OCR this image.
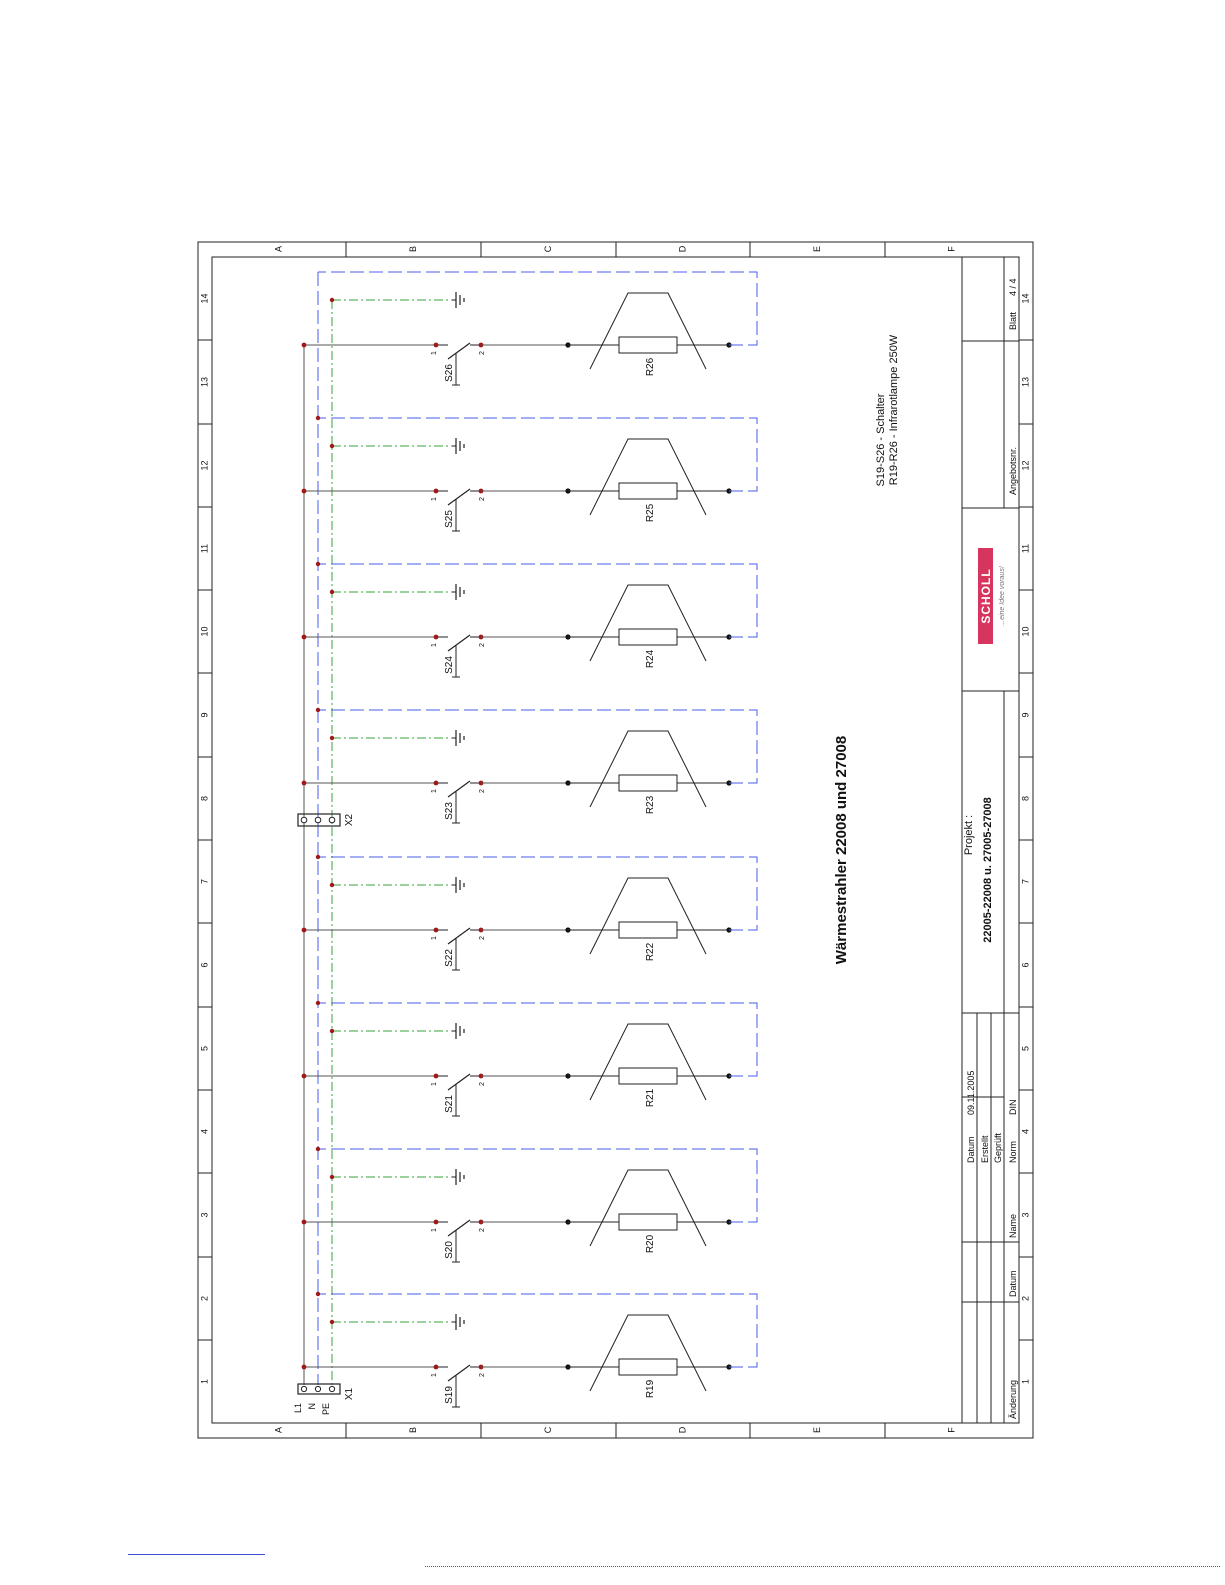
A
A
B
B
C
C
D
D
E
E
F
F
1	1
2	2
3	3
4	4
5	5
6	6
7	7
8	8
9	9
10	10
11	11
12	12
13	13
14	14
L1 N PE
X1
X2
1	2
S19	R19
1	2
S20	R20
1	2
S21	R21
1	2
S22	R22
1	2
S23	R23
1	2
S24	R24
1	2
S25	R25
1	2
S26	R26
Wärmestrahler 22008 und 27008
S19-S26 - Schalter R19-R26 - Infrarotlampe 250W
Projekt : 22005-22008 u. 27005-27008
Angebotsnr.
Blatt
4 / 4
Datum
09.11.2005
Erstellt Geprüft Norm
DIN
Änderung
Datum
Name
SCHOLL ...eine Idee voraus!
